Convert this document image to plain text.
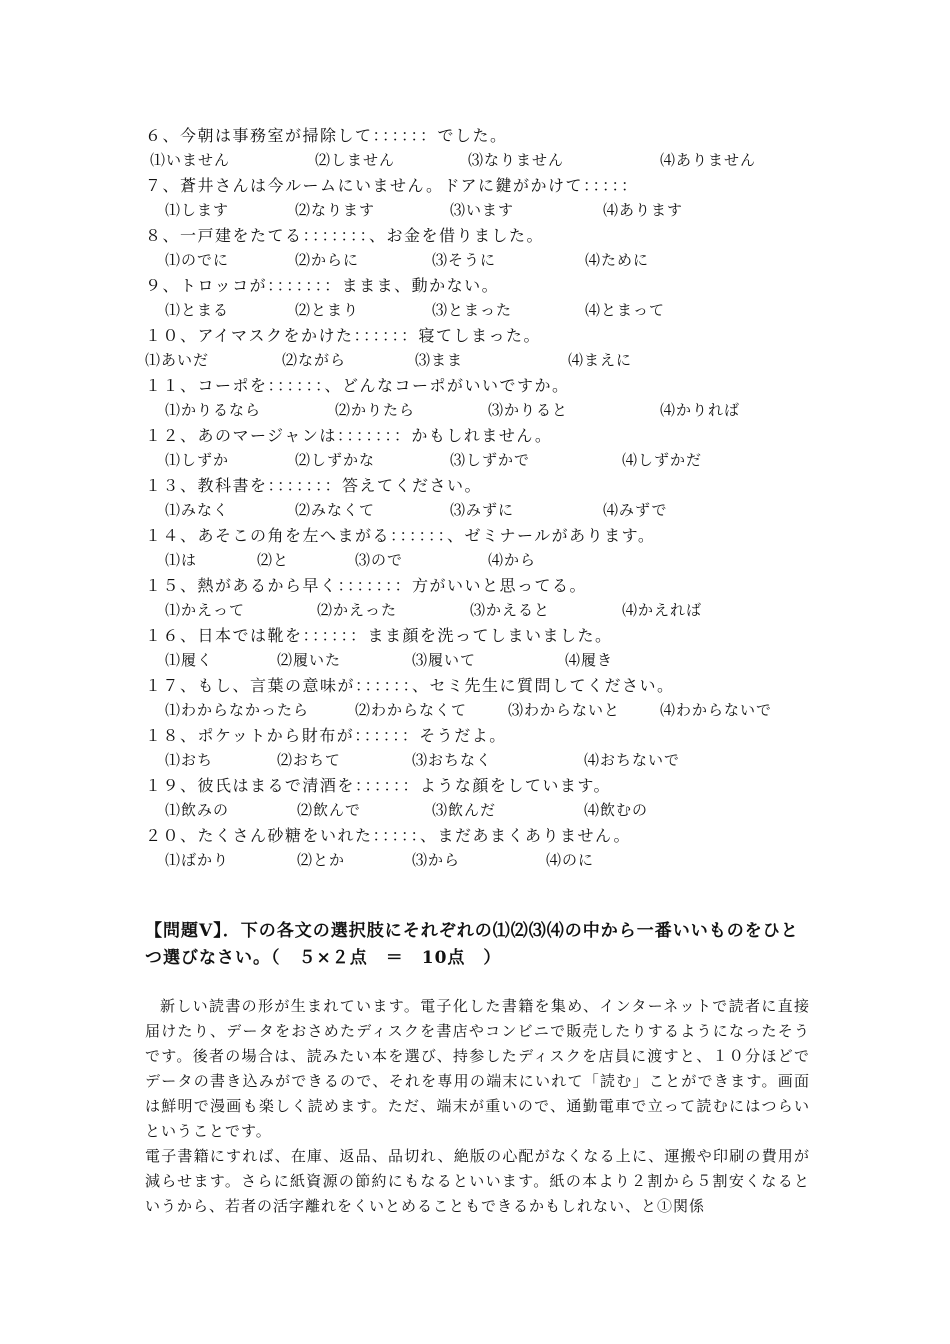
６、今朝は事務室が掃除して：：：：：：でした。
⑴いません	⑵しません	⑶なりません	⑷ありません
７、蒼井さんは今ルームにいません。ドアに鍵がかけて：：：：：
⑴します	⑵なります	⑶います	⑷あります
８、一戸建をたてる：：：：：：：、お金を借りました。
⑴のでに	⑵からに	⑶そうに	⑷ために
９、トロッコが：：：：：：：ままま、動かない。
⑴とまる	⑵とまり	⑶とまった	⑷とまって
１０、アイマスクをかけた：：：：：：寝てしまった。
⑴あいだ	⑵ながら	⑶まま	⑷まえに
１１、コーポを：：：：：：、どんなコーポがいいですか。
⑴かりるなら	⑵かりたら	⑶かりると	⑷かりれば
１２、あのマージャンは：：：：：：：かもしれません。
⑴しずか	⑵しずかな	⑶しずかで	⑷しずかだ
１３、教科書を：：：：：：：答えてください。
⑴みなく	⑵みなくて	⑶みずに	⑷みずで
１４、あそこの角を左へまがる：：：：：：、ゼミナールがあります。
⑴は	⑵と	⑶ので	⑷から
１５、熱があるから早く：：：：：：：方がいいと思ってる。
⑴かえって	⑵かえった	⑶かえると	⑷かえれば
１６、日本では靴を：：：：：：まま顔を洗ってしまいました。
⑴履く	⑵履いた	⑶履いて	⑷履き
１７、もし、言葉の意味が：：：：：：、セミ先生に質問してください。
⑴わからなかったら	⑵わからなくて	⑶わからないと	⑷わからないで
１８、ポケットから財布が：：：：：：そうだよ。
⑴おち	⑵おちて	⑶おちなく	⑷おちないで
１９、彼氏はまるで清酒を：：：：：：ような顔をしています。
⑴飲みの	⑵飲んで	⑶飲んだ	⑷飲むの
２０、たくさん砂糖をいれた：：：：：、まだあまくありません。
⑴ばかり	⑵とか	⑶から	⑷のに
【問題Ⅴ】．下の各文の選択肢にそれぞれの⑴⑵⑶⑷の中から一番いいものをひとつ選びなさい。（　５×２点　＝　10点　）

新しい読書の形が生まれています。電子化した書籍を集め、インターネットで読者に直接届けたり、データをおさめたディスクを書店やコンビニで販売したりするようになったそうです。後者の場合は、読みたい本を選び、持参したディスクを店員に渡すと、１０分ほどでデータの書き込みができるので、それを専用の端末にいれて「読む」ことができます。画面は鮮明で漫画も楽しく読めます。ただ、端末が重いので、通勤電車で立って読むにはつらいということです。

電子書籍にすれば、在庫、返品、品切れ、絶版の心配がなくなる上に、運搬や印刷の費用が減らせます。さらに紙資源の節約にもなるといいます。紙の本より２割から５割安くなるというから、若者の活字離れをくいとめることもできるかもしれない、と①関係
